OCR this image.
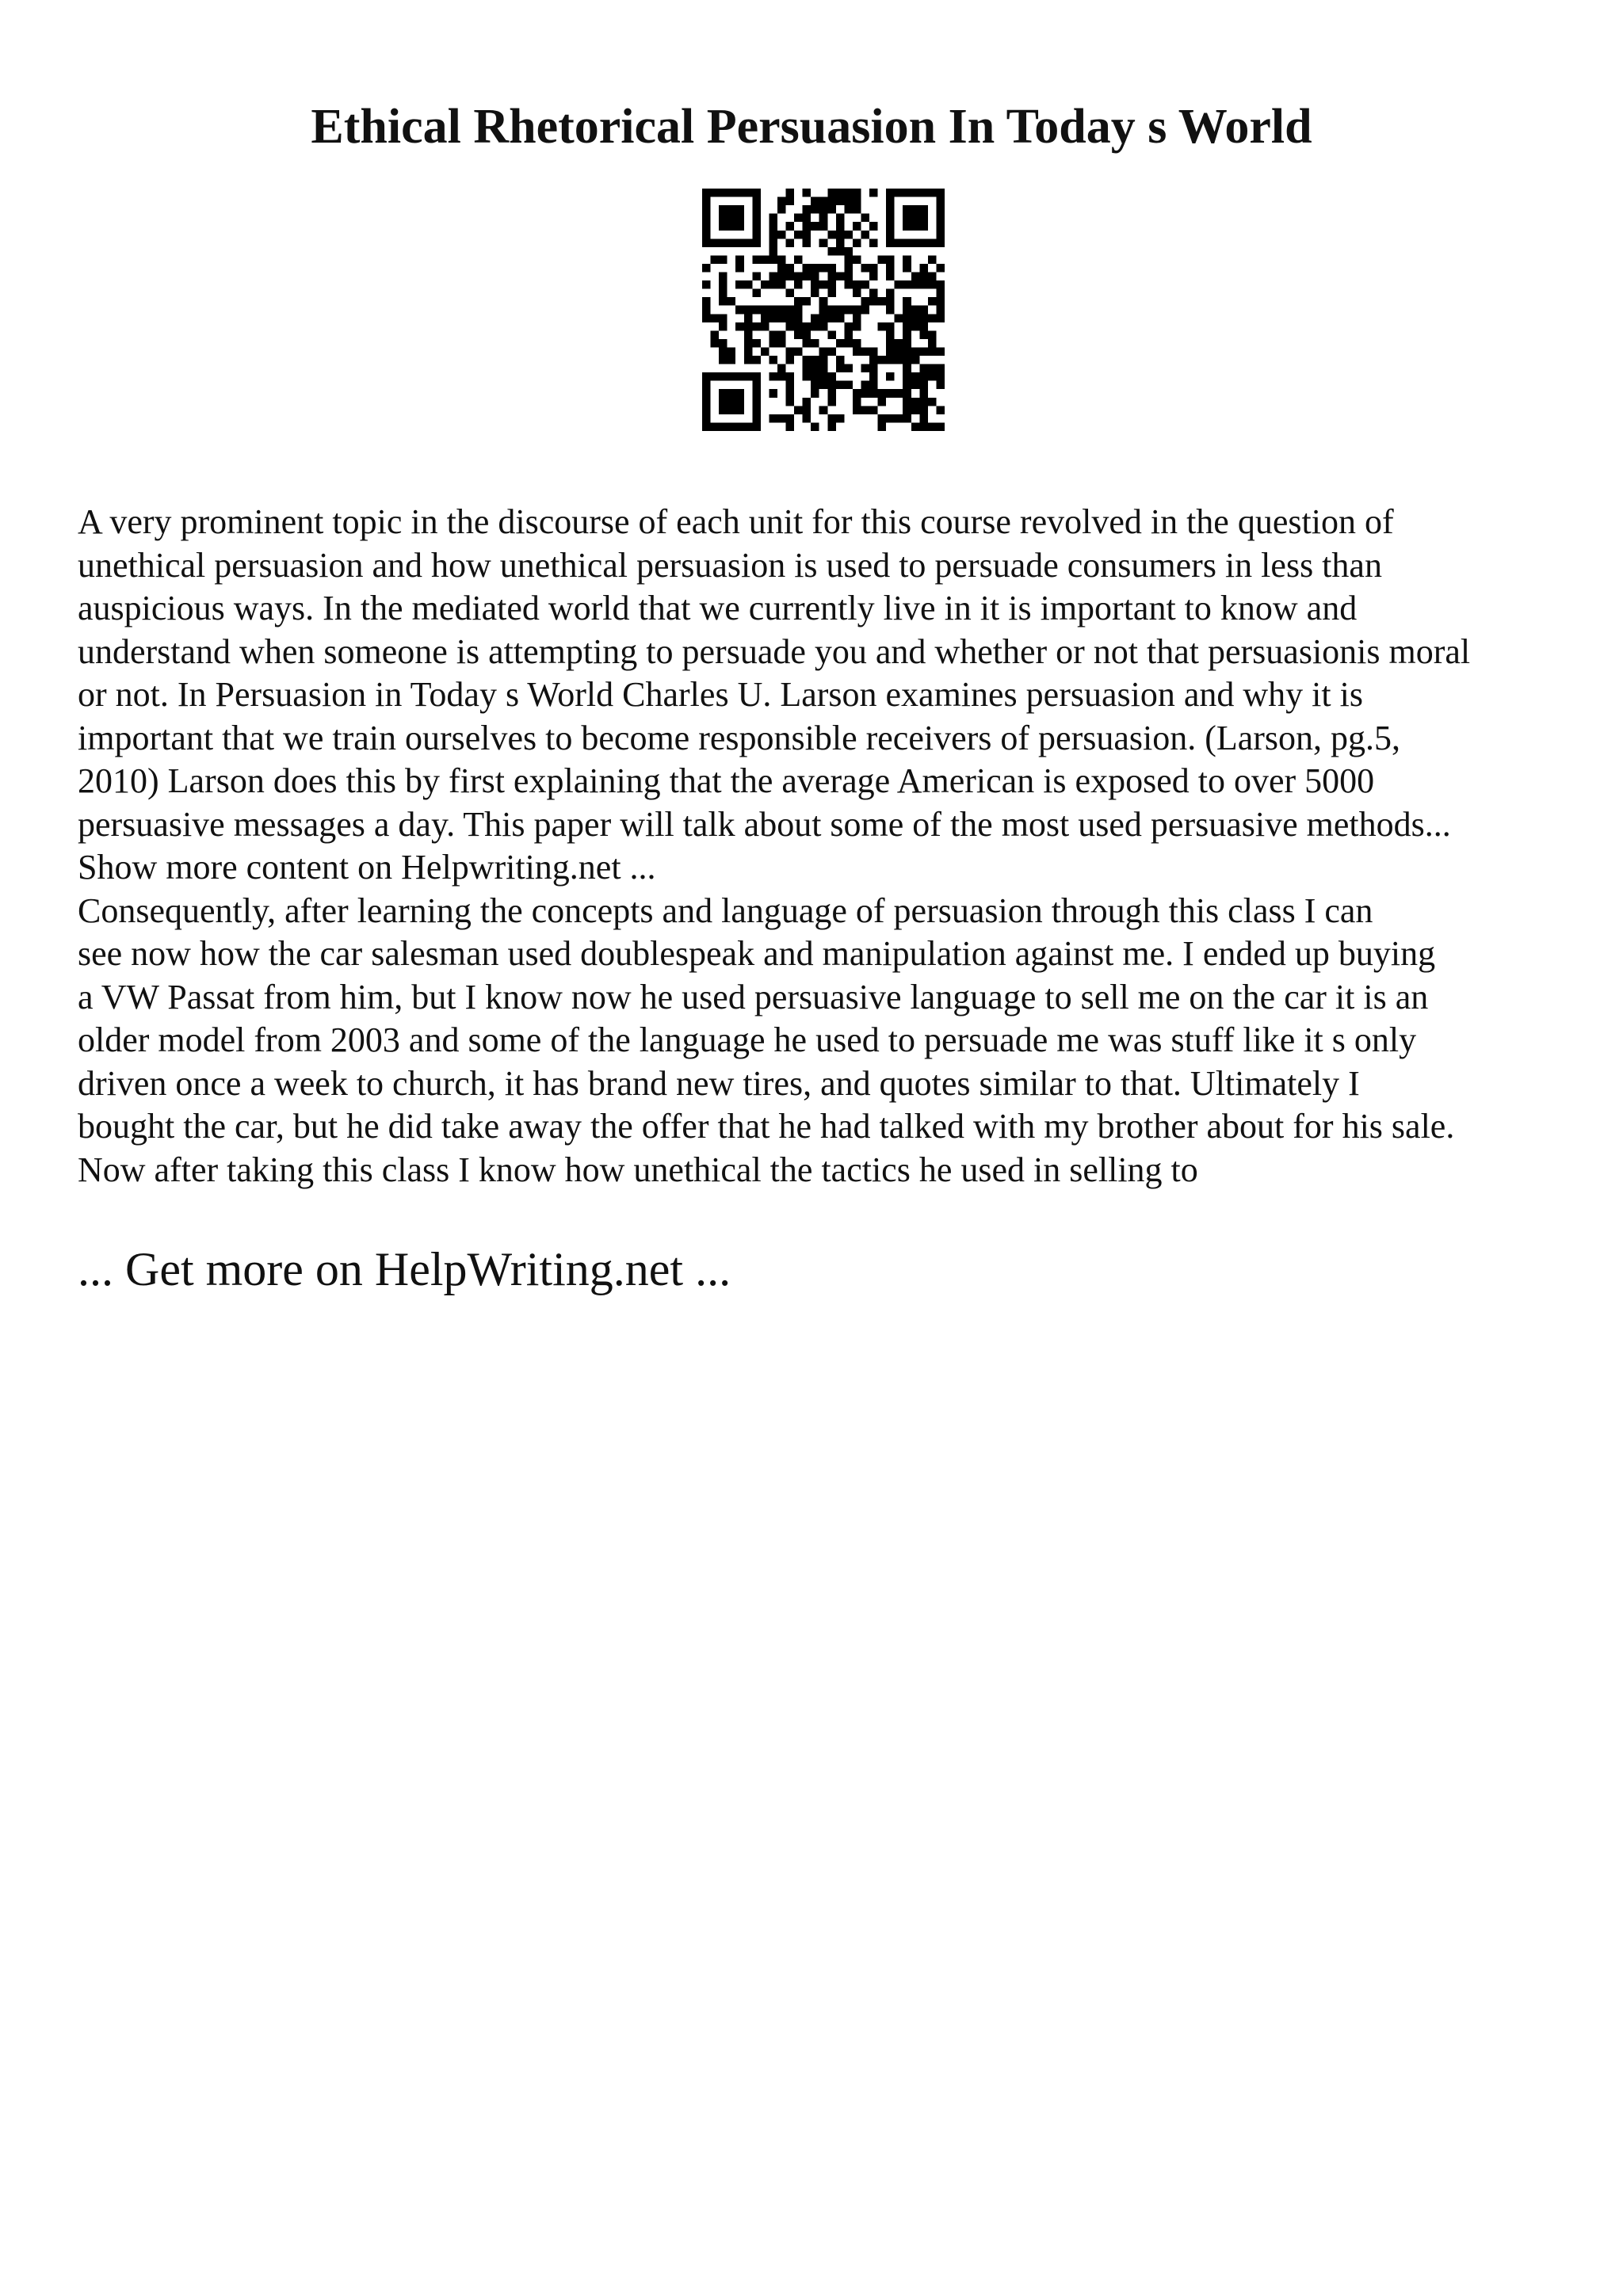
Ethical Rhetorical Persuasion In Today s World
A very prominent topic in the discourse of each unit for this course revolved in the question of
unethical persuasion and how unethical persuasion is used to persuade consumers in less than
auspicious ways. In the mediated world that we currently live in it is important to know and
understand when someone is attempting to persuade you and whether or not that persuasionis moral
or not. In Persuasion in Today s World Charles U. Larson examines persuasion and why it is
important that we train ourselves to become responsible receivers of persuasion. (Larson, pg.5,
2010) Larson does this by first explaining that the average American is exposed to over 5000
persuasive messages a day. This paper will talk about some of the most used persuasive methods...
Show more content on Helpwriting.net ...
Consequently, after learning the concepts and language of persuasion through this class I can
see now how the car salesman used doublespeak and manipulation against me. I ended up buying
a VW Passat from him, but I know now he used persuasive language to sell me on the car it is an
older model from 2003 and some of the language he used to persuade me was stuff like it s only
driven once a week to church, it has brand new tires, and quotes similar to that. Ultimately I
bought the car, but he did take away the offer that he had talked with my brother about for his sale.
Now after taking this class I know how unethical the tactics he used in selling to
... Get more on HelpWriting.net ...
